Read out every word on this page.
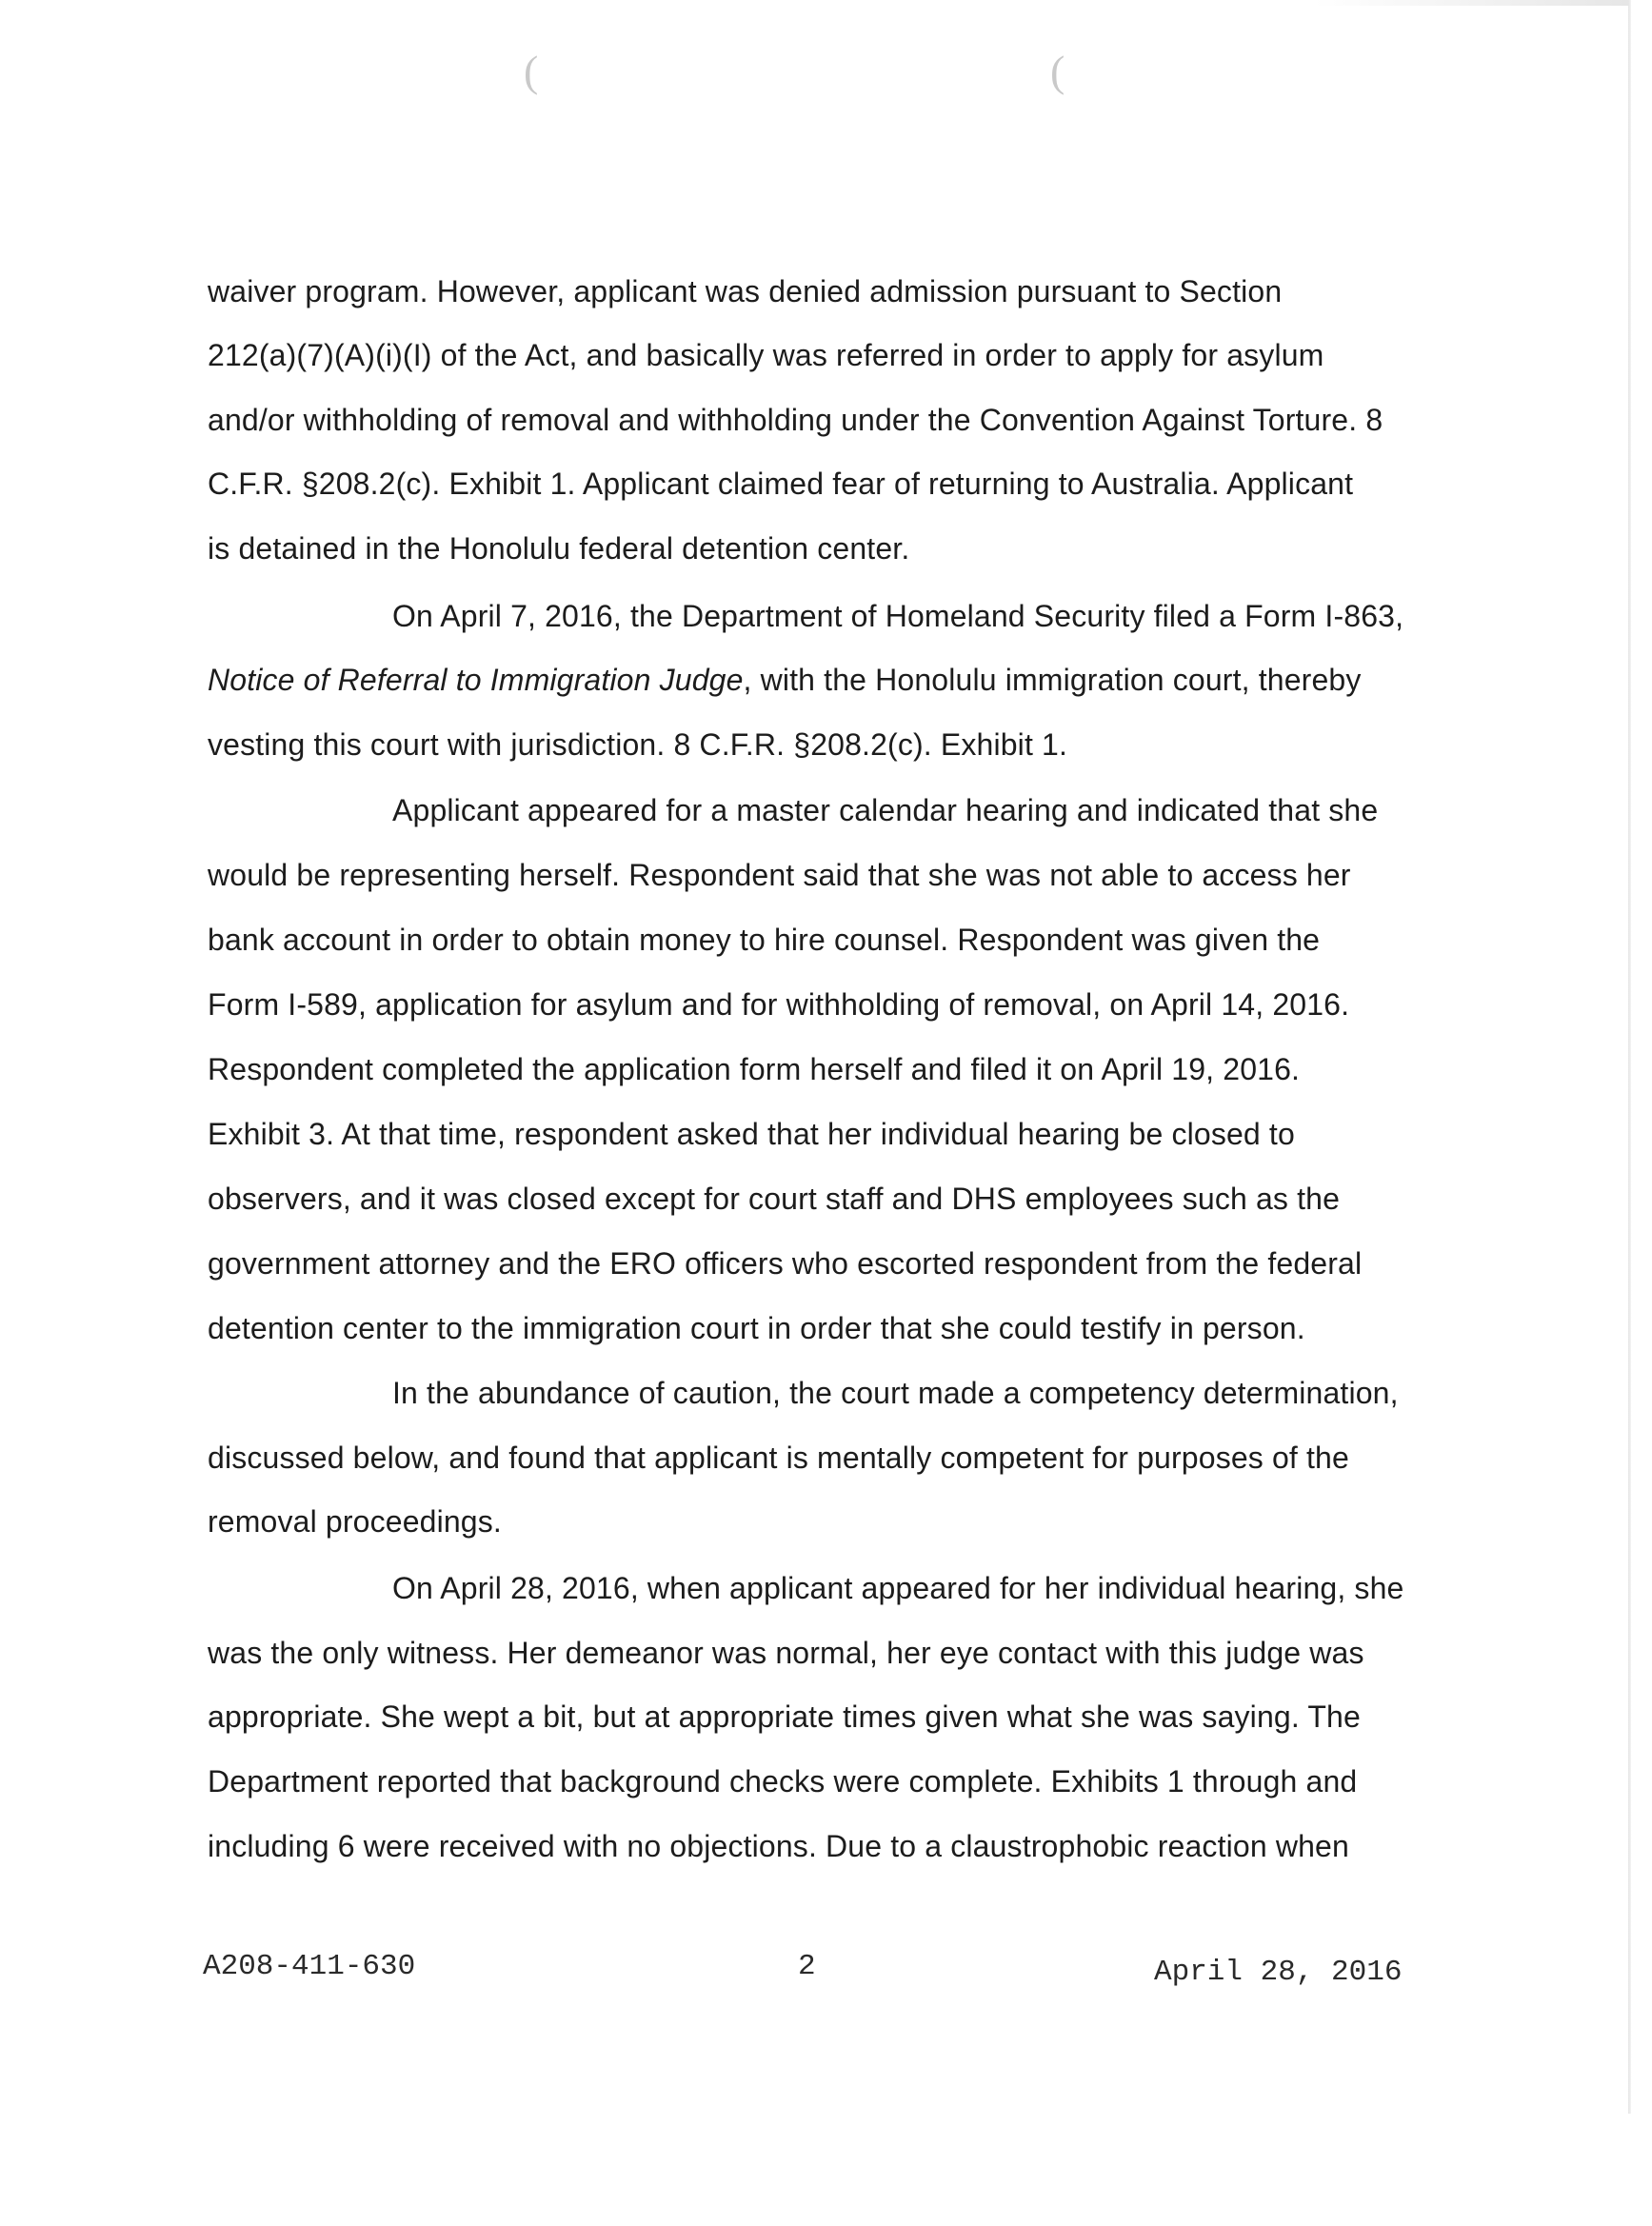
(	(
waiver program. However, applicant was denied admission pursuant to Section
212(a)(7)(A)(i)(I) of the Act, and basically was referred in order to apply for asylum
and/or withholding of removal and withholding under the Convention Against Torture. 8
C.F.R. §208.2(c). Exhibit 1. Applicant claimed fear of returning to Australia. Applicant
is detained in the Honolulu federal detention center.
On April 7, 2016, the Department of Homeland Security filed a Form I-863,
Notice of Referral to Immigration Judge, with the Honolulu immigration court, thereby
vesting this court with jurisdiction. 8 C.F.R. §208.2(c). Exhibit 1.
Applicant appeared for a master calendar hearing and indicated that she
would be representing herself. Respondent said that she was not able to access her
bank account in order to obtain money to hire counsel. Respondent was given the
Form I-589, application for asylum and for withholding of removal, on April 14, 2016.
Respondent completed the application form herself and filed it on April 19, 2016.
Exhibit 3. At that time, respondent asked that her individual hearing be closed to
observers, and it was closed except for court staff and DHS employees such as the
government attorney and the ERO officers who escorted respondent from the federal
detention center to the immigration court in order that she could testify in person.
In the abundance of caution, the court made a competency determination,
discussed below, and found that applicant is mentally competent for purposes of the
removal proceedings.
On April 28, 2016, when applicant appeared for her individual hearing, she
was the only witness. Her demeanor was normal, her eye contact with this judge was
appropriate. She wept a bit, but at appropriate times given what she was saying. The
Department reported that background checks were complete. Exhibits 1 through and
including 6 were received with no objections. Due to a claustrophobic reaction when
A208-411-630	2	April 28, 2016
